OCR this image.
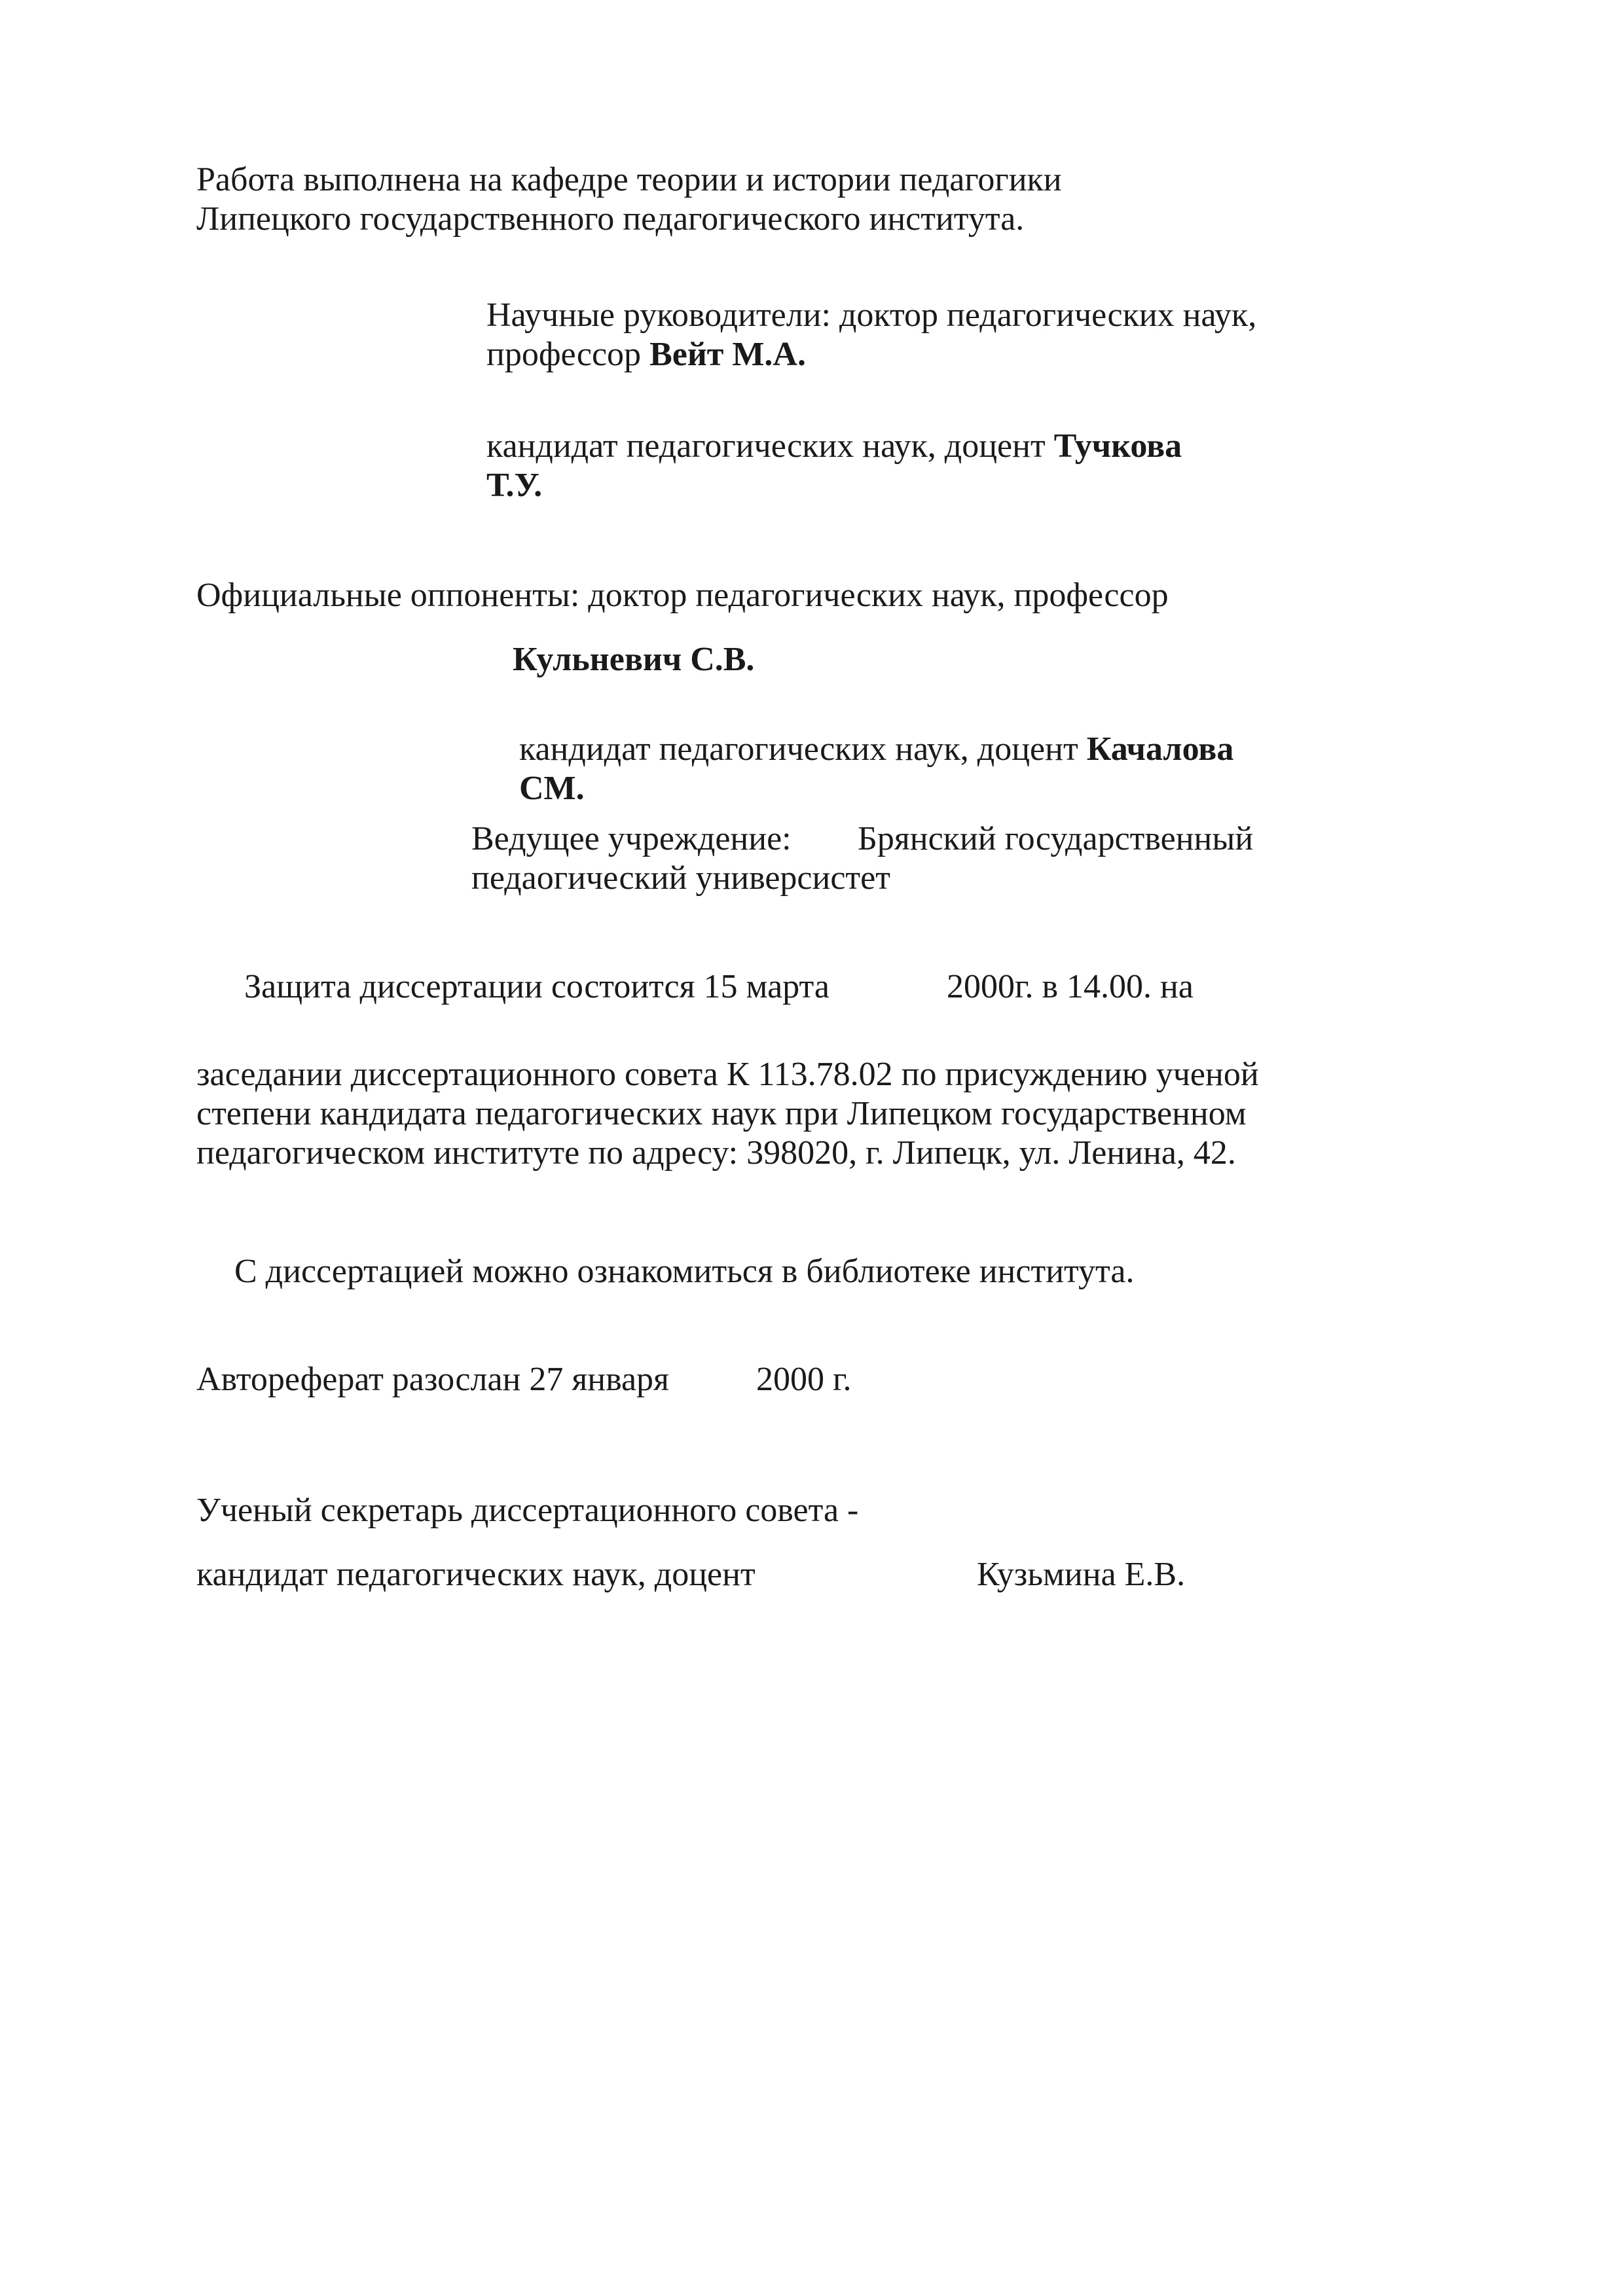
Работа выполнена на кафедре теории и истории педагогики
Липецкого государственного педагогического института.
Научные руководители: доктор педагогических наук,
профессор Вейт М.А.
кандидат педагогических наук, доцент Тучкова
Т.У.
Официальные оппоненты: доктор педагогических наук, профессор
Кульневич С.В.
кандидат педагогических наук, доцент Качалова
СМ.
Ведущее учреждение: Брянский государственный
педаогический универсистет
Защита диссертации состоится 15 марта	2000г. в 14.00. на
заседании диссертационного совета К 113.78.02 по присуждению ученой
степени кандидата педагогических наук при Липецком государственном
педагогическом институте по адресу: 398020, г. Липецк, ул. Ленина, 42.
С диссертацией можно ознакомиться в библиотеке института.
Автореферат разослан 27 января	2000 г.
Ученый секретарь диссертационного совета -
кандидат педагогических наук, доцент	Кузьмина Е.В.
